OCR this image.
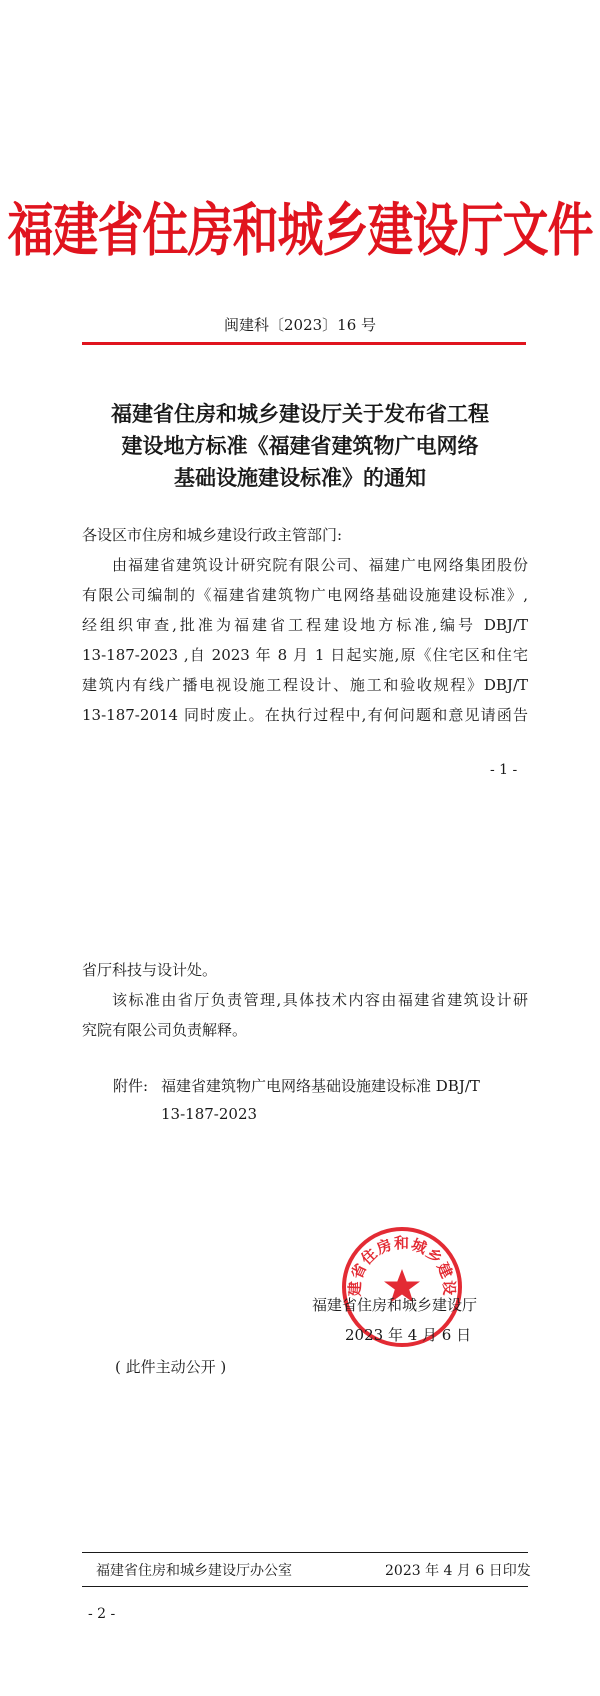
福建省住房和城乡建设厅文件
闽建科〔2023〕16 号
福建省住房和城乡建设厅关于发布省工程
建设地方标准《福建省建筑物广电网络
基础设施建设标准》的通知
各设区市住房和城乡建设行政主管部门:
由福建省建筑设计研究院有限公司、福建广电网络集团股份
有限公司编制的《福建省建筑物广电网络基础设施建设标准》,
经组织审查,批准为福建省工程建设地方标准,编号 DBJ/T
13-187-2023 ,自 2023 年 8 月 1 日起实施,原《住宅区和住宅
建筑内有线广播电视设施工程设计、施工和验收规程》DBJ/T
13-187-2014 同时废止。在执行过程中,有何问题和意见请函告
- 1 -
省厅科技与设计处。
该标准由省厅负责管理,具体技术内容由福建省建筑设计研
究院有限公司负责解释。
附件: 福建省建筑物广电网络基础设施建设标准 DBJ/T
13-187-2023
建省住房和城乡建设
福建省住房和城乡建设厅
2023 年 4 月 6 日
( 此件主动公开 )
福建省住房和城乡建设厅办公室	2023 年 4 月 6 日印发
- 2 -
